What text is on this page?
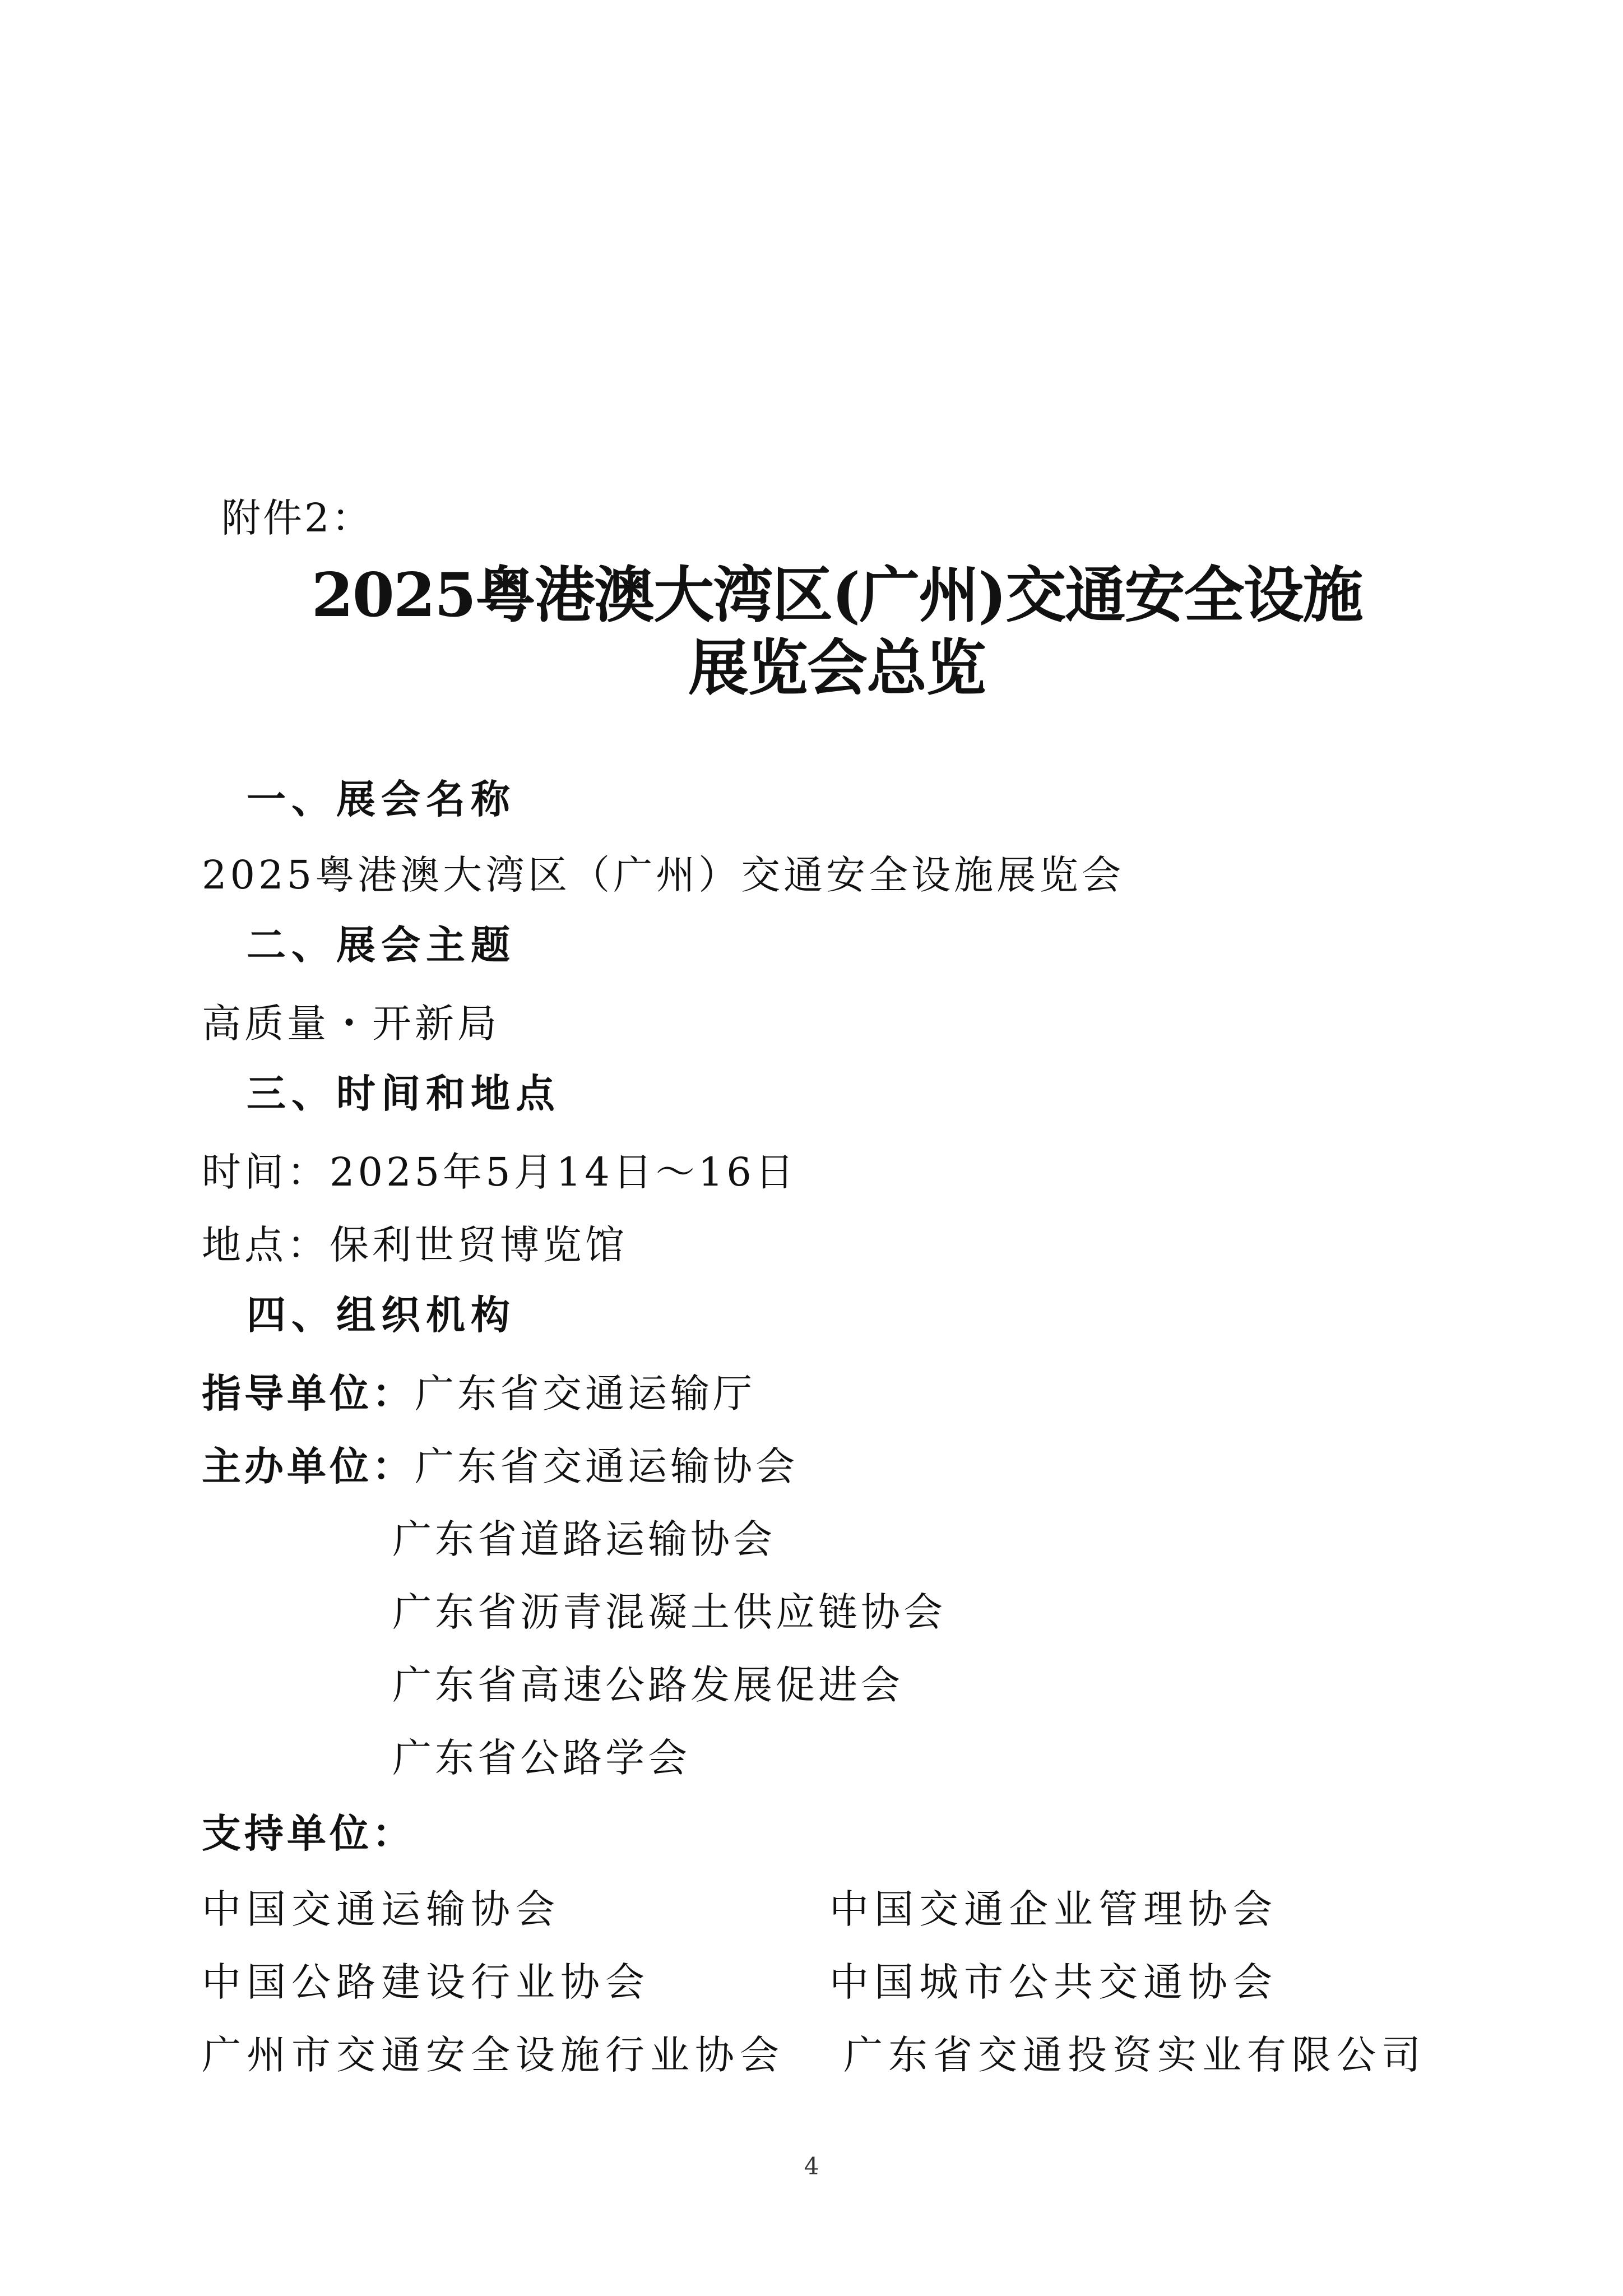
附件2：
2025粤港澳大湾区(广州)交通安全设施
展览会总览
一、展会名称
2025粤港澳大湾区（广州）交通安全设施展览会
二、展会主题
高质量・开新局
三、时间和地点
时间：2025年5月14日～16日
地点：保利世贸博览馆
四、组织机构
指导单位：广东省交通运输厅
主办单位：广东省交通运输协会
广东省道路运输协会
广东省沥青混凝土供应链协会
广东省高速公路发展促进会
广东省公路学会
支持单位：
中国交通运输协会
中国公路建设行业协会
广州市交通安全设施行业协会
中国交通企业管理协会
中国城市公共交通协会
广东省交通投资实业有限公司
4
